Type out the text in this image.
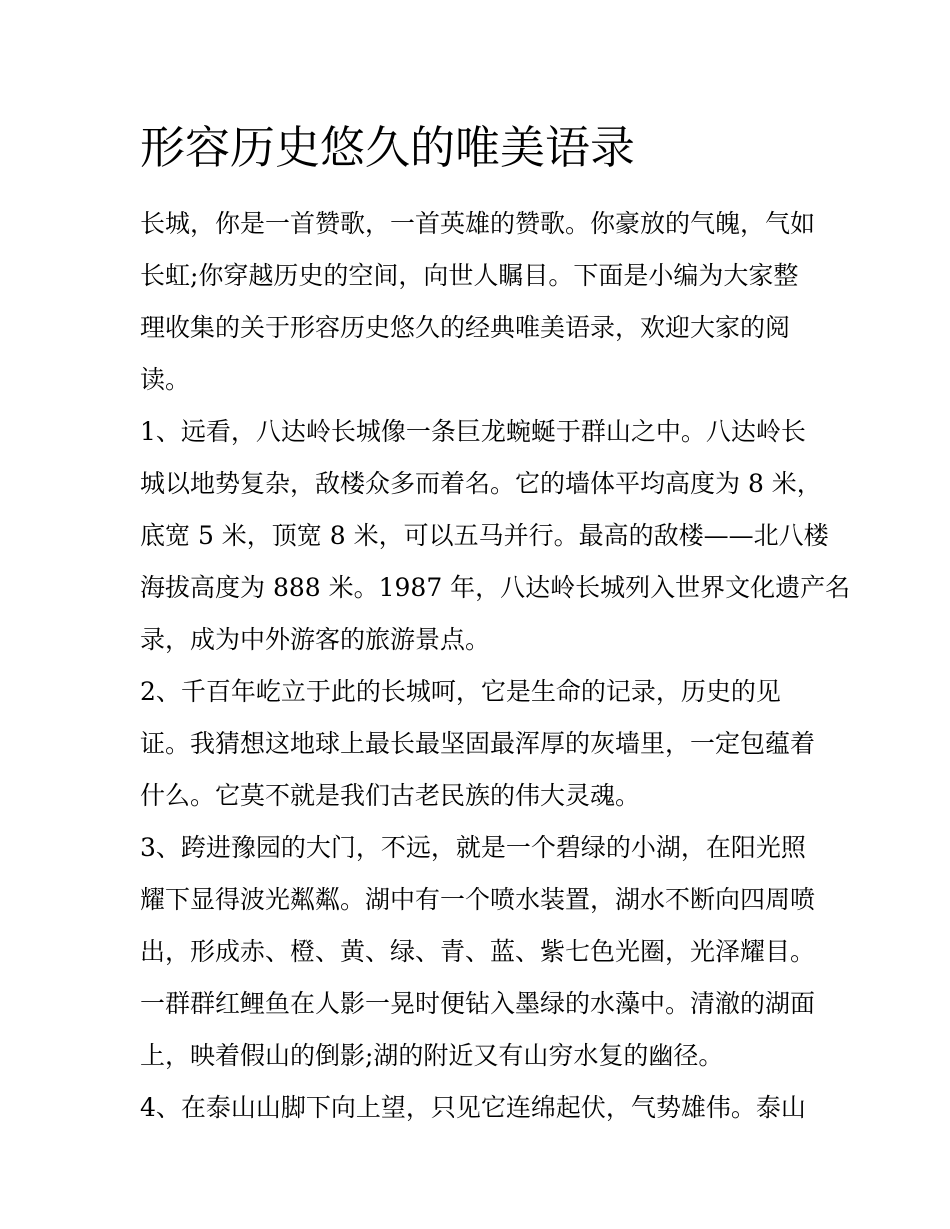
形容历史悠久的唯美语录
长城，你是一首赞歌，一首英雄的赞歌。你豪放的气魄，气如
长虹;你穿越历史的空间，向世人瞩目。下面是小编为大家整
理收集的关于形容历史悠久的经典唯美语录，欢迎大家的阅
读。
1、远看，八达岭长城像一条巨龙蜿蜒于群山之中。八达岭长
城以地势复杂，敌楼众多而着名。它的墙体平均高度为 8 米，
底宽 5 米，顶宽 8 米，可以五马并行。最高的敌楼——北八楼
海拔高度为 888 米。1987 年，八达岭长城列入世界文化遗产名
录，成为中外游客的旅游景点。
2、千百年屹立于此的长城呵，它是生命的记录，历史的见
证。我猜想这地球上最长最坚固最浑厚的灰墙里，一定包蕴着
什么。它莫不就是我们古老民族的伟大灵魂。
3、跨进豫园的大门，不远，就是一个碧绿的小湖，在阳光照
耀下显得波光粼粼。湖中有一个喷水装置，湖水不断向四周喷
出，形成赤、橙、黄、绿、青、蓝、紫七色光圈，光泽耀目。
一群群红鲤鱼在人影一晃时便钻入墨绿的水藻中。清澈的湖面
上，映着假山的倒影;湖的附近又有山穷水复的幽径。
4、在泰山山脚下向上望，只见它连绵起伏，气势雄伟。泰山
